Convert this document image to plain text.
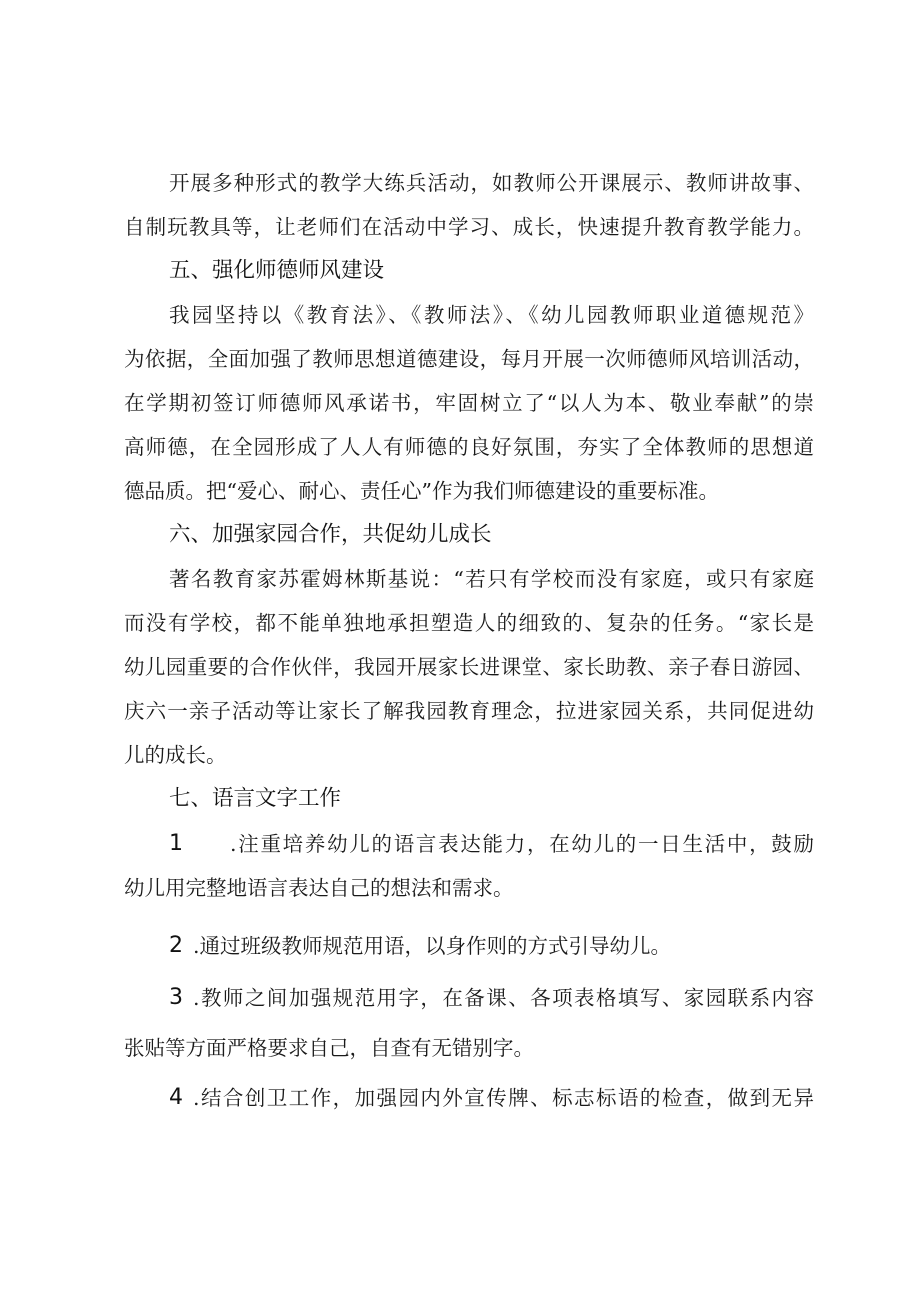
开展多种形式的教学大练兵活动，如教师公开课展示、教师讲故事、
自制玩教具等，让老师们在活动中学习、成长，快速提升教育教学能力。
五、强化师德师风建设
我园坚持以《教育法》、《教师法》、《幼儿园教师职业道德规范》
为依据，全面加强了教师思想道德建设，每月开展一次师德师风培训活动，
在学期初签订师德师风承诺书，牢固树立了“以人为本、敬业奉献”的崇
高师德，在全园形成了人人有师德的良好氛围，夯实了全体教师的思想道
德品质。把“爱心、耐心、责任心”作为我们师德建设的重要标准。
六、加强家园合作，共促幼儿成长
著名教育家苏霍姆林斯基说：“若只有学校而没有家庭，或只有家庭
而没有学校，都不能单独地承担塑造人的细致的、复杂的任务。“家长是
幼儿园重要的合作伙伴，我园开展家长进课堂、家长助教、亲子春日游园、
庆六一亲子活动等让家长了解我园教育理念，拉进家园关系，共同促进幼
儿的成长。
七、语言文字工作
1 .注重培养幼儿的语言表达能力，在幼儿的一日生活中，鼓励
幼儿用完整地语言表达自己的想法和需求。
2 .通过班级教师规范用语，以身作则的方式引导幼儿。
3 .教师之间加强规范用字，在备课、各项表格填写、家园联系内容
张贴等方面严格要求自己，自查有无错别字。
4 .结合创卫工作，加强园内外宣传牌、标志标语的检查，做到无异
